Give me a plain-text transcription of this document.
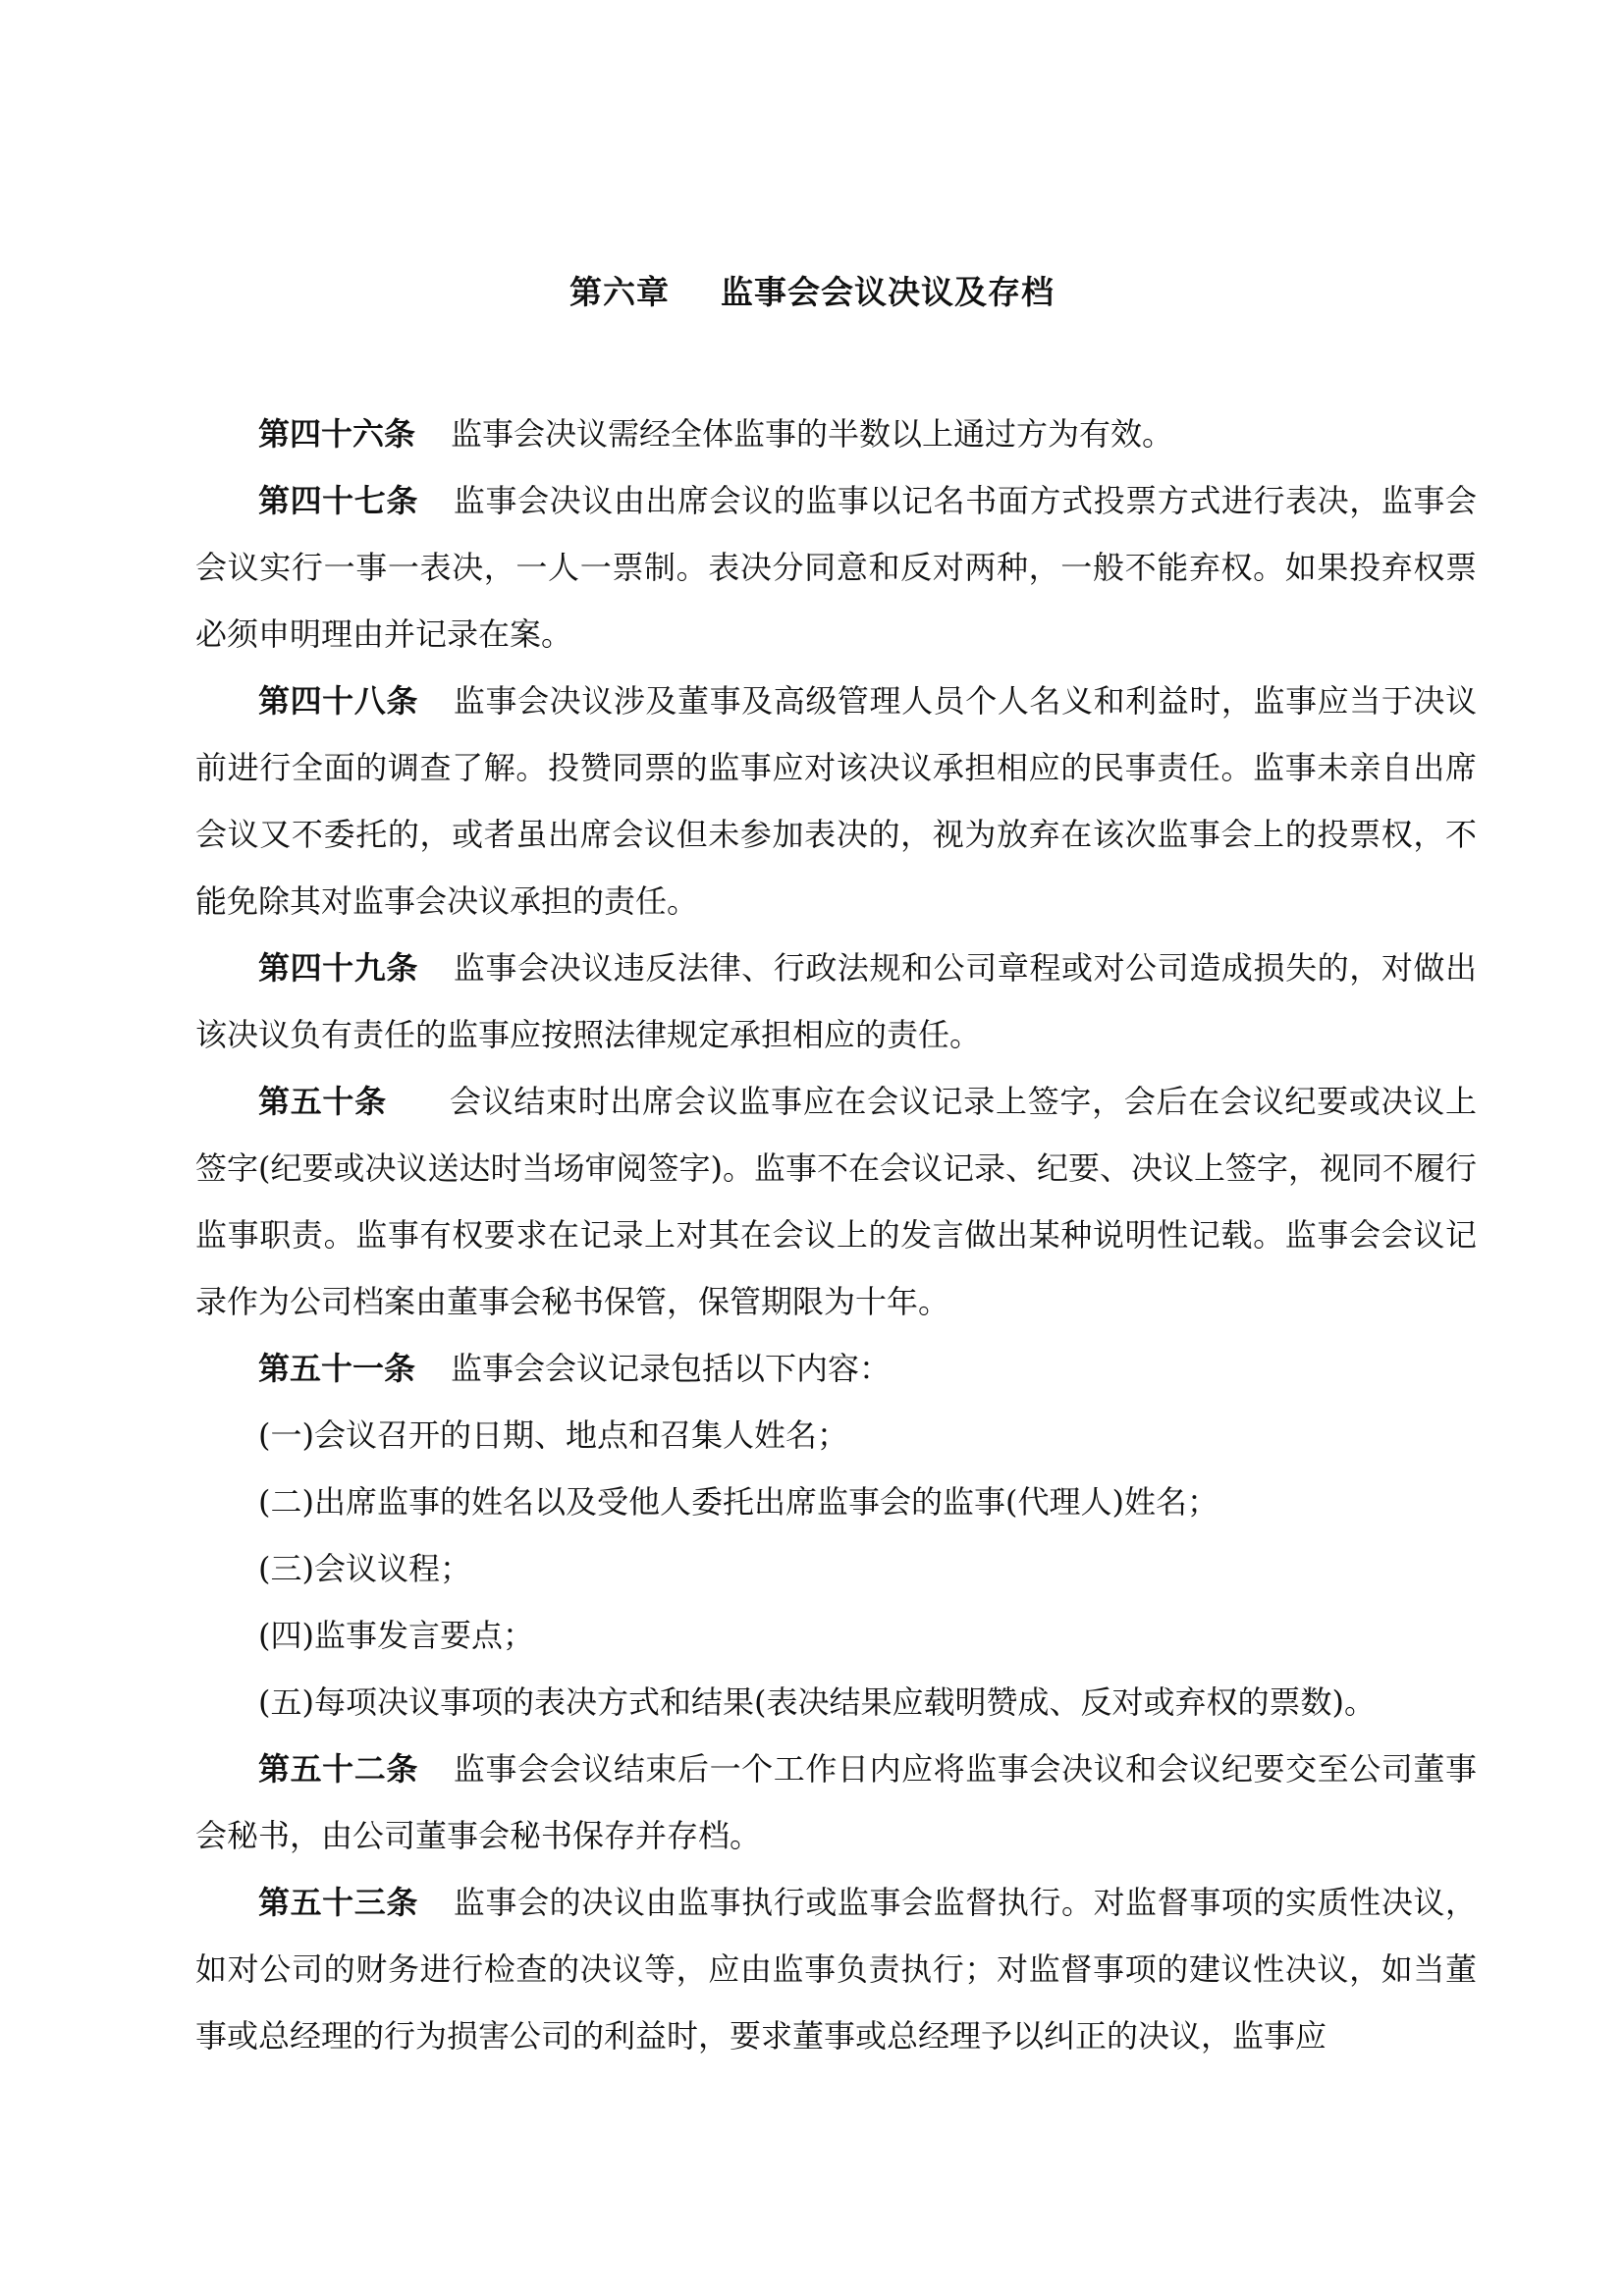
第六章 监事会会议决议及存档

第四十六条 监事会决议需经全体监事的半数以上通过方为有效。

第四十七条 监事会决议由出席会议的监事以记名书面方式投票方式进行表决，监事会会议实行一事一表决，一人一票制。表决分同意和反对两种，一般不能弃权。如果投弃权票必须申明理由并记录在案。

第四十八条 监事会决议涉及董事及高级管理人员个人名义和利益时，监事应当于决议前进行全面的调查了解。投赞同票的监事应对该决议承担相应的民事责任。监事未亲自出席会议又不委托的，或者虽出席会议但未参加表决的，视为放弃在该次监事会上的投票权，不能免除其对监事会决议承担的责任。

第四十九条 监事会决议违反法律、行政法规和公司章程或对公司造成损失的，对做出该决议负有责任的监事应按照法律规定承担相应的责任。

第五十条 会议结束时出席会议监事应在会议记录上签字，会后在会议纪要或决议上签字(纪要或决议送达时当场审阅签字)。监事不在会议记录、纪要、决议上签字，视同不履行监事职责。监事有权要求在记录上对其在会议上的发言做出某种说明性记载。监事会会议记录作为公司档案由董事会秘书保管，保管期限为十年。

第五十一条 监事会会议记录包括以下内容：

(一)会议召开的日期、地点和召集人姓名；

(二)出席监事的姓名以及受他人委托出席监事会的监事(代理人)姓名；

(三)会议议程；

(四)监事发言要点；

(五)每项决议事项的表决方式和结果(表决结果应载明赞成、反对或弃权的票数)。

第五十二条 监事会会议结束后一个工作日内应将监事会决议和会议纪要交至公司董事会秘书，由公司董事会秘书保存并存档。

第五十三条 监事会的决议由监事执行或监事会监督执行。对监督事项的实质性决议，如对公司的财务进行检查的决议等，应由监事负责执行；对监督事项的建议性决议，如当董事或总经理的行为损害公司的利益时，要求董事或总经理予以纠正的决议，监事应
